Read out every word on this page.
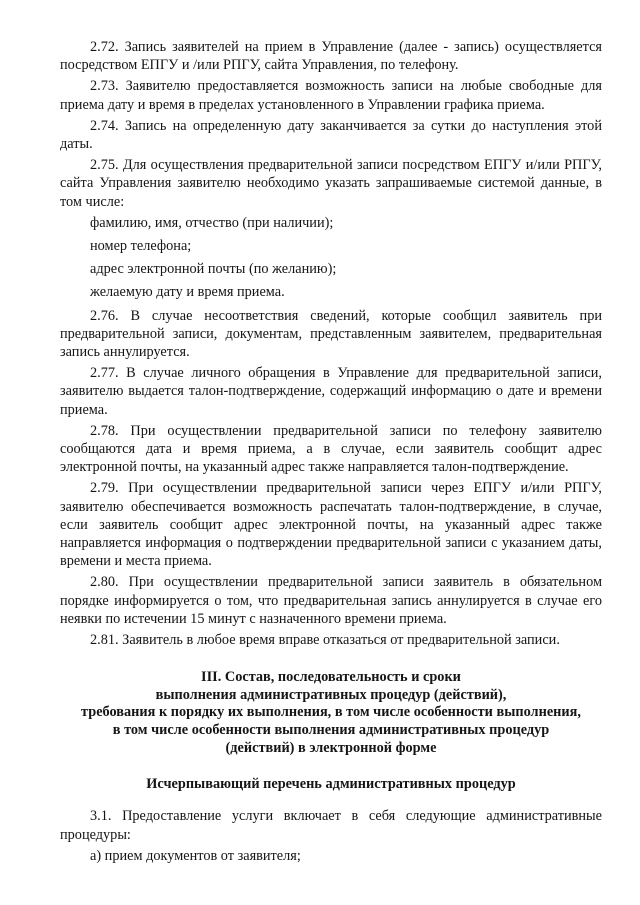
2.72. Запись заявителей на прием в Управление (далее - запись) осуществляется посредством ЕПГУ и /или РПГУ, сайта Управления, по телефону.

2.73. Заявителю предоставляется возможность записи на любые свободные для приема дату и время в пределах установленного в Управлении графика приема.

2.74. Запись на определенную дату заканчивается за сутки до наступления этой даты.

2.75. Для осуществления предварительной записи посредством ЕПГУ и/или РПГУ, сайта Управления заявителю необходимо указать запрашиваемые системой данные, в том числе:

фамилию, имя, отчество (при наличии);

номер телефона;

адрес электронной почты (по желанию);

желаемую дату и время приема.

2.76. В случае несоответствия сведений, которые сообщил заявитель при предварительной записи, документам, представленным заявителем, предварительная запись аннулируется.

2.77. В случае личного обращения в Управление для предварительной записи, заявителю выдается талон-подтверждение, содержащий информацию о дате и времени приема.

2.78. При осуществлении предварительной записи по телефону заявителю сообщаются дата и время приема, а в случае, если заявитель сообщит адрес электронной почты, на указанный адрес также направляется талон-подтверждение.

2.79. При осуществлении предварительной записи через ЕПГУ и/или РПГУ, заявителю обеспечивается возможность распечатать талон-подтверждение, в случае, если заявитель сообщит адрес электронной почты, на указанный адрес также направляется информация о подтверждении предварительной записи с указанием даты, времени и места приема.

2.80. При осуществлении предварительной записи заявитель в обязательном порядке информируется о том, что предварительная запись аннулируется в случае его неявки по истечении 15 минут с назначенного времени приема.

2.81. Заявитель в любое время вправе отказаться от предварительной записи.

III. Состав, последовательность и сроки
выполнения административных процедур (действий),
требования к порядку их выполнения, в том числе особенности выполнения,
в том числе особенности выполнения административных процедур
(действий) в электронной форме
Исчерпывающий перечень административных процедур

3.1. Предоставление услуги включает в себя следующие административные процедуры:

а) прием документов от заявителя;
